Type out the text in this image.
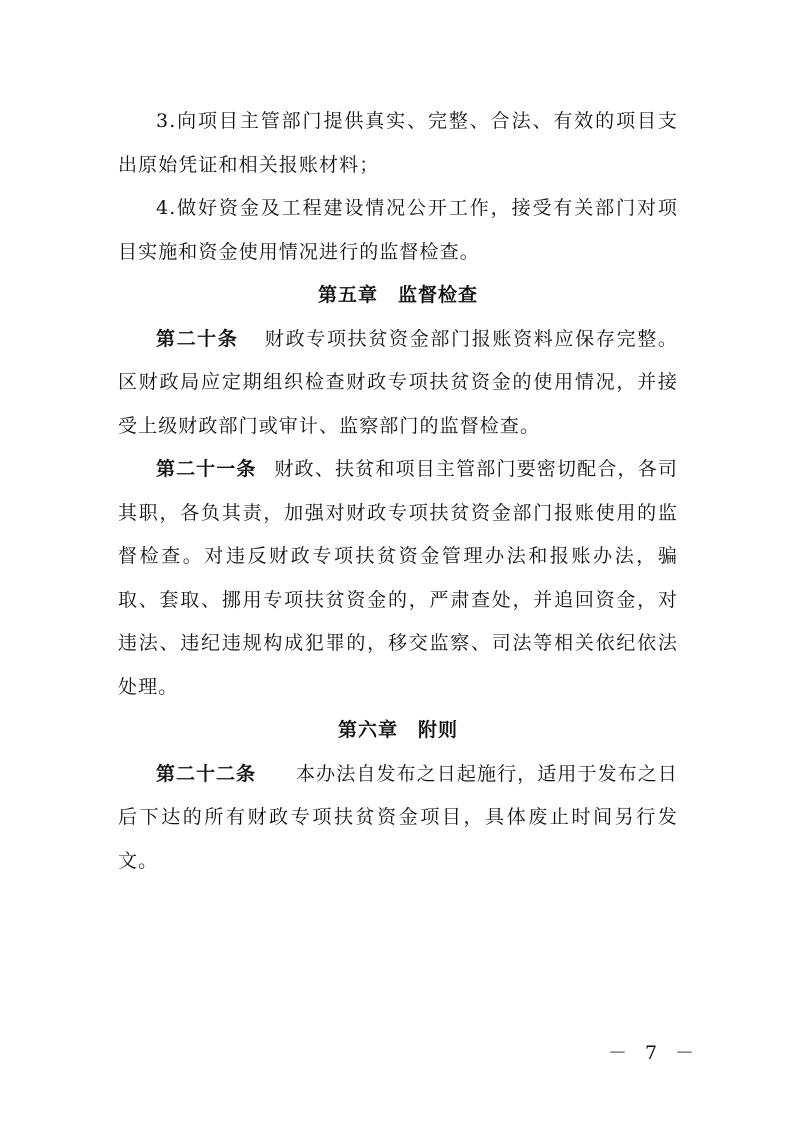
3.向项目主管部门提供真实、完整、合法、有效的项目支出原始凭证和相关报账材料；

4.做好资金及工程建设情况公开工作，接受有关部门对项目实施和资金使用情况进行的监督检查。

第五章　监督检查

第二十条 财政专项扶贫资金部门报账资料应保存完整。区财政局应定期组织检查财政专项扶贫资金的使用情况，并接受上级财政部门或审计、监察部门的监督检查。

第二十一条 财政、扶贫和项目主管部门要密切配合，各司其职，各负其责，加强对财政专项扶贫资金部门报账使用的监督检查。对违反财政专项扶贫资金管理办法和报账办法，骗取、套取、挪用专项扶贫资金的，严肃查处，并追回资金，对违法、违纪违规构成犯罪的，移交监察、司法等相关依纪依法处理。

第六章　附则

第二十二条 本办法自发布之日起施行，适用于发布之日后下达的所有财政专项扶贫资金项目，具体废止时间另行发文。

－ 7 －
